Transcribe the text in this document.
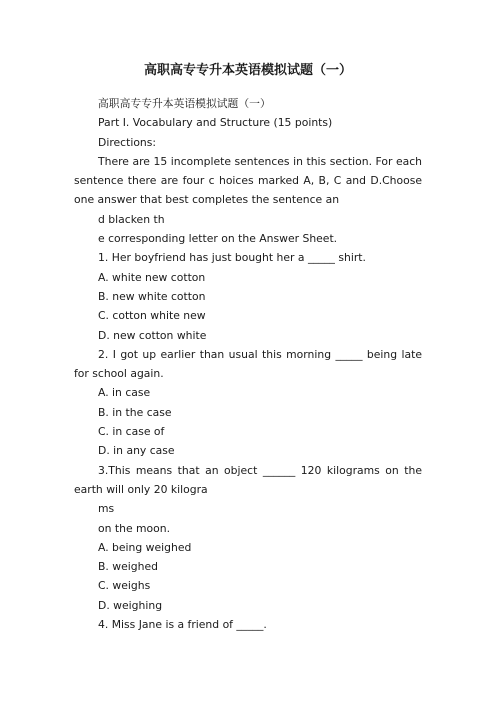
高职高专专升本英语模拟试题（一）

高职高专专升本英语模拟试题（一）

Part I. Vocabulary and Structure (15 points)

Directions:

There are 15 incomplete sentences in this section. For each sentence there are four c hoices marked A, B, C and D.Choose one answer that best completes the sentence an

d blacken th

e corresponding letter on the Answer Sheet.

1. Her boyfriend has just bought her a _____ shirt.

A. white new cotton

B. new white cotton

C. cotton white new

D. new cotton white

2. I got up earlier than usual this morning _____ being late for school again.

A. in case

B. in the case

C. in case of

D. in any case

3.This means that an object ______ 120 kilograms on the earth will only 20 kilogra

ms

on the moon.

A. being weighed

B. weighed

C. weighs

D. weighing

4. Miss Jane is a friend of _____.
